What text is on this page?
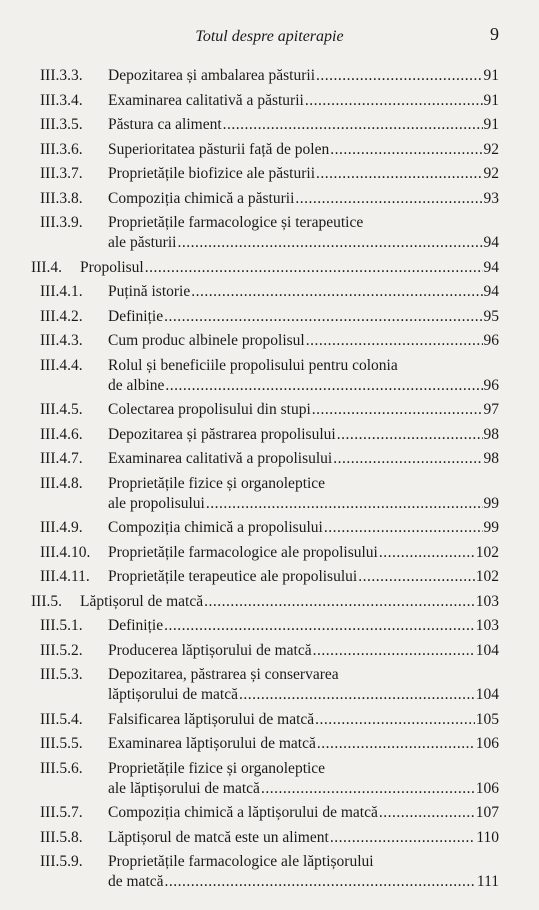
Totul despre apiterapie	9
III.3.3. Depozitarea și ambalarea păsturii .....	91
III.3.4. Examinarea calitativă a păsturii .....	91
III.3.5. Păstura ca aliment .....	91
III.3.6. Superioritatea păsturii față de polen .....	92
III.3.7. Proprietățile biofizice ale păsturii .....	92
III.3.8. Compoziția chimică a păsturii .....	93
III.3.9. Proprietățile farmacologice și terapeutice
ale păsturii .....	94
III.4. Propolisul .....	94
III.4.1. Puțină istorie .....	94
III.4.2. Definiție .....	95
III.4.3. Cum produc albinele propolisul .....	96
III.4.4. Rolul și beneficiile propolisului pentru colonia
de albine .....	96
III.4.5. Colectarea propolisului din stupi .....	97
III.4.6. Depozitarea și păstrarea propolisului .....	98
III.4.7. Examinarea calitativă a propolisului .....	98
III.4.8. Proprietățile fizice și organoleptice
ale propolisului .....	99
III.4.9. Compoziția chimică a propolisului .....	99
III.4.10. Proprietățile farmacologice ale propolisului .....	102
III.4.11. Proprietățile terapeutice ale propolisului .....	102
III.5. Lăptișorul de matcă .....	103
III.5.1. Definiție .....	103
III.5.2. Producerea lăptișorului de matcă .....	104
III.5.3. Depozitarea, păstrarea și conservarea
lăptișorului de matcă .....	104
III.5.4. Falsificarea lăptișorului de matcă .....	105
III.5.5. Examinarea lăptișorului de matcă .....	106
III.5.6. Proprietățile fizice și organoleptice
ale lăptișorului de matcă .....	106
III.5.7. Compoziția chimică a lăptișorului de matcă .....	107
III.5.8. Lăptișorul de matcă este un aliment .....	110
III.5.9. Proprietățile farmacologice ale lăptișorului
de matcă .....	111
